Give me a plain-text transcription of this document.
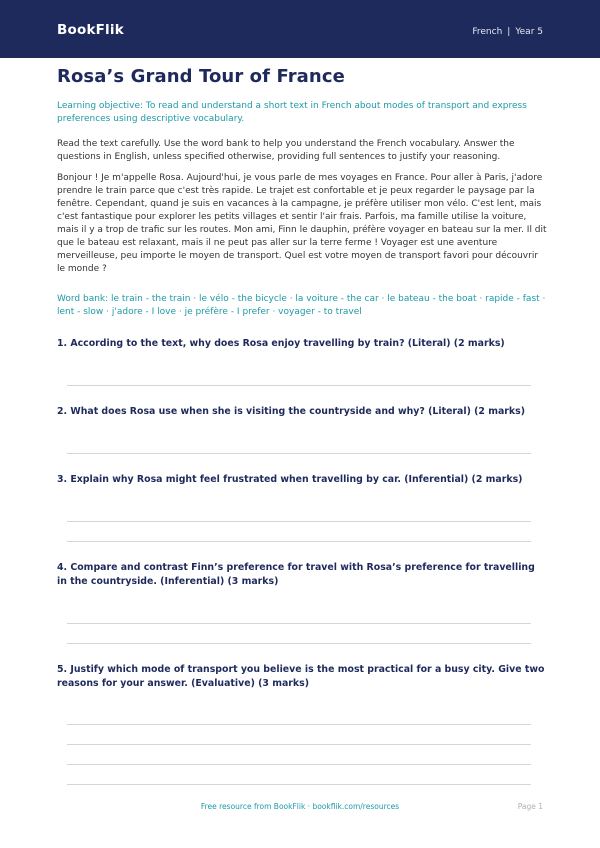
BookFlik	French | Year 5
Rosa’s Grand Tour of France

Learning objective: To read and understand a short text in French about modes of transport and express preferences using descriptive vocabulary.

Read the text carefully. Use the word bank to help you understand the French vocabulary. Answer the questions in English, unless specified otherwise, providing full sentences to justify your reasoning.

Bonjour ! Je m'appelle Rosa. Aujourd'hui, je vous parle de mes voyages en France. Pour aller à Paris, j'adore prendre le train parce que c'est très rapide. Le trajet est confortable et je peux regarder le paysage par la fenêtre. Cependant, quand je suis en vacances à la campagne, je préfère utiliser mon vélo. C'est lent, mais c'est fantastique pour explorer les petits villages et sentir l'air frais. Parfois, ma famille utilise la voiture, mais il y a trop de trafic sur les routes. Mon ami, Finn le dauphin, préfère voyager en bateau sur la mer. Il dit que le bateau est relaxant, mais il ne peut pas aller sur la terre ferme ! Voyager est une aventure merveilleuse, peu importe le moyen de transport. Quel est votre moyen de transport favori pour découvrir le monde ?

Word bank: le train - the train · le vélo - the bicycle · la voiture - the car · le bateau - the boat · rapide - fast · lent - slow · j'adore - I love · je préfère - I prefer · voyager - to travel

1. According to the text, why does Rosa enjoy travelling by train? (Literal) (2 marks)

2. What does Rosa use when she is visiting the countryside and why? (Literal) (2 marks)

3. Explain why Rosa might feel frustrated when travelling by car. (Inferential) (2 marks)

4. Compare and contrast Finn’s preference for travel with Rosa’s preference for travelling in the countryside. (Inferential) (3 marks)

5. Justify which mode of transport you believe is the most practical for a busy city. Give two reasons for your answer. (Evaluative) (3 marks)

Free resource from BookFlik · bookflik.com/resources	Page 1
